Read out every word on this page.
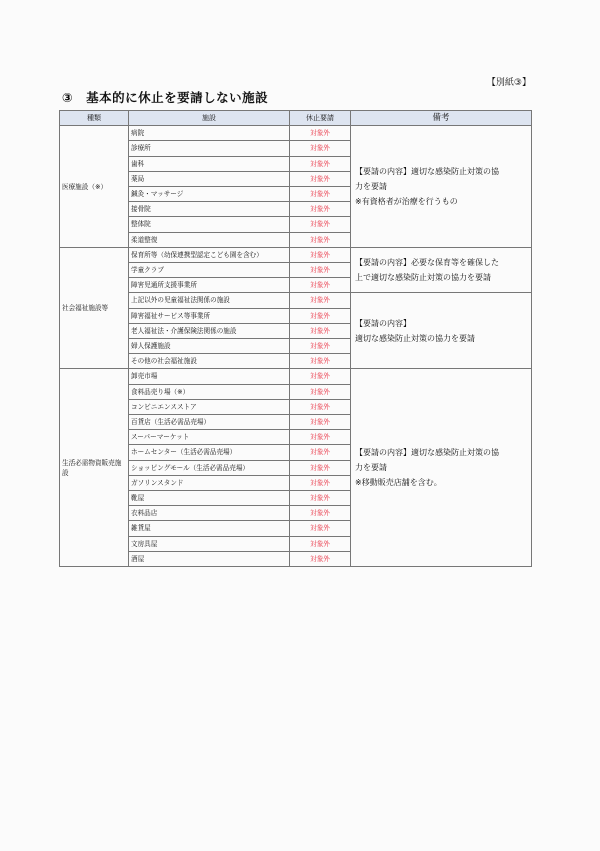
【別紙③】
③　基本的に休止を要請しない施設
種類	施設	休止要請	備考
医療施設（※）	病院	対象外	【要請の内容】適切な感染防止対策の協
力を要請
※有資格者が治療を行うもの

	診療所	対象外	
	歯科	対象外	
	薬局	対象外	
	鍼灸・マッサージ	対象外	
	接骨院	対象外	
	整体院	対象外	
	柔道整復	対象外	
社会福祉施設等	保育所等（幼保連携型認定こども園を含む）	対象外	【要請の内容】必要な保育等を確保した
上で適切な感染防止対策の協力を要請

	学童クラブ	対象外	
	障害児通所支援事業所	対象外	
	上記以外の児童福祉法関係の施設	対象外	【要請の内容】
適切な感染防止対策の協力を要請

	障害福祉サービス等事業所	対象外	
	老人福祉法・介護保険法関係の施設	対象外	
	婦人保護施設	対象外	
	その他の社会福祉施設	対象外	
生活必需物資販売施設	卸売市場	対象外	【要請の内容】適切な感染防止対策の協
力を要請
※移動販売店舗を含む。

	食料品売り場（※）	対象外	
	コンビニエンスストア	対象外	
	百貨店（生活必需品売場）	対象外	
	スーパーマーケット	対象外	
	ホームセンター（生活必需品売場）	対象外	
	ショッピングモール（生活必需品売場）	対象外	
	ガソリンスタンド	対象外	
	靴屋	対象外	
	衣料品店	対象外	
	雑貨屋	対象外	
	文房具屋	対象外	
	酒屋	対象外	
